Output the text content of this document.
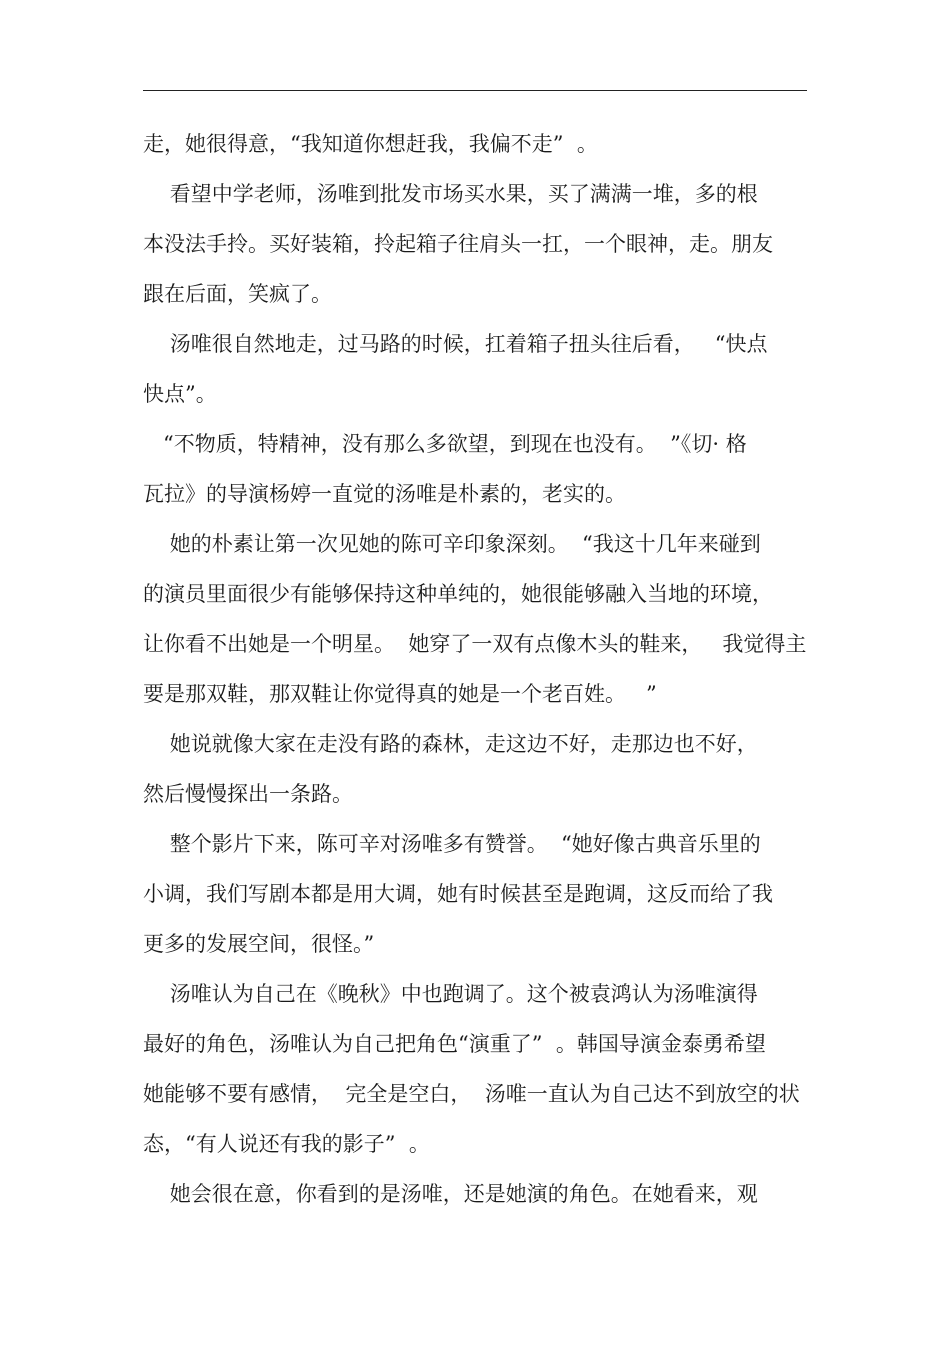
走，她很得意，“我知道你想赶我，我偏不走”  。
看望中学老师，汤唯到批发市场买水果，买了满满一堆，多的根
本没法手拎。买好装箱，拎起箱子往肩头一扛，一个眼神，走。朋友
跟在后面，笑疯了。
汤唯很自然地走，过马路的时候，扛着箱子扭头往后看，   “快点
快点”。
“不物质，特精神，没有那么多欲望，到现在也没有。  ”《切· 格
瓦拉》的导演杨婷一直觉的汤唯是朴素的，老实的。
她的朴素让第一次见她的陈可辛印象深刻。  “我这十几年来碰到
的演员里面很少有能够保持这种单纯的，她很能够融入当地的环境，
让你看不出她是一个明星。  她穿了一双有点像木头的鞋来，   我觉得主
要是那双鞋，那双鞋让你觉得真的她是一个老百姓。   ”
她说就像大家在走没有路的森林，走这边不好，走那边也不好，
然后慢慢探出一条路。
整个影片下来，陈可辛对汤唯多有赞誉。  “她好像古典音乐里的
小调，我们写剧本都是用大调，她有时候甚至是跑调，这反而给了我
更多的发展空间，很怪。”
汤唯认为自己在《晚秋》中也跑调了。这个被袁鸿认为汤唯演得
最好的角色，汤唯认为自己把角色“演重了”  。韩国导演金泰勇希望
她能够不要有感情，  完全是空白，  汤唯一直认为自己达不到放空的状
态，“有人说还有我的影子”  。
她会很在意，你看到的是汤唯，还是她演的角色。在她看来，观
